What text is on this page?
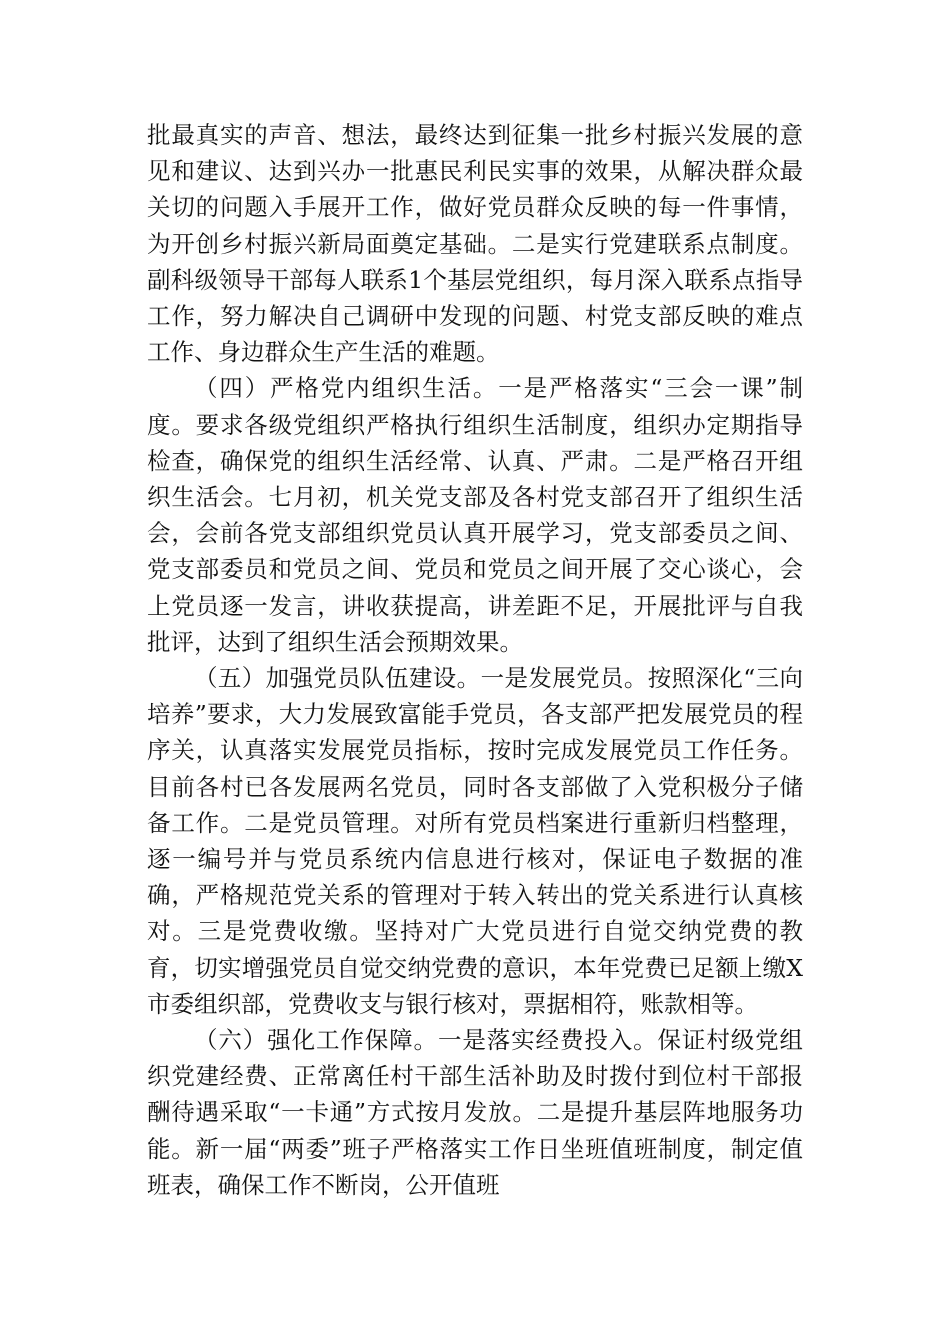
批最真实的声音、想法，最终达到征集一批乡村振兴发展的意见和建议、达到兴办一批惠民利民实事的效果，从解决群众最关切的问题入手展开工作，做好党员群众反映的每一件事情，为开创乡村振兴新局面奠定基础。二是实行党建联系点制度。副科级领导干部每人联系1个基层党组织，每月深入联系点指导工作，努力解决自己调研中发现的问题、村党支部反映的难点工作、身边群众生产生活的难题。

（四）严格党内组织生活。一是严格落实“三会一课”制度。要求各级党组织严格执行组织生活制度，组织办定期指导检查，确保党的组织生活经常、认真、严肃。二是严格召开组织生活会。七月初，机关党支部及各村党支部召开了组织生活会，会前各党支部组织党员认真开展学习，党支部委员之间、党支部委员和党员之间、党员和党员之间开展了交心谈心，会上党员逐一发言，讲收获提高，讲差距不足，开展批评与自我批评，达到了组织生活会预期效果。

（五）加强党员队伍建设。一是发展党员。按照深化“三向培养”要求，大力发展致富能手党员，各支部严把发展党员的程序关，认真落实发展党员指标，按时完成发展党员工作任务。目前各村已各发展两名党员，同时各支部做了入党积极分子储备工作。二是党员管理。对所有党员档案进行重新归档整理，逐一编号并与党员系统内信息进行核对，保证电子数据的准确，严格规范党关系的管理对于转入转出的党关系进行认真核对。三是党费收缴。坚持对广大党员进行自觉交纳党费的教育，切实增强党员自觉交纳党费的意识，本年党费已足额上缴X市委组织部，党费收支与银行核对，票据相符，账款相等。

（六）强化工作保障。一是落实经费投入。保证村级党组织党建经费、正常离任村干部生活补助及时拨付到位村干部报酬待遇采取“一卡通”方式按月发放。二是提升基层阵地服务功能。新一届“两委”班子严格落实工作日坐班值班制度，制定值班表，确保工作不断岗，公开值班
